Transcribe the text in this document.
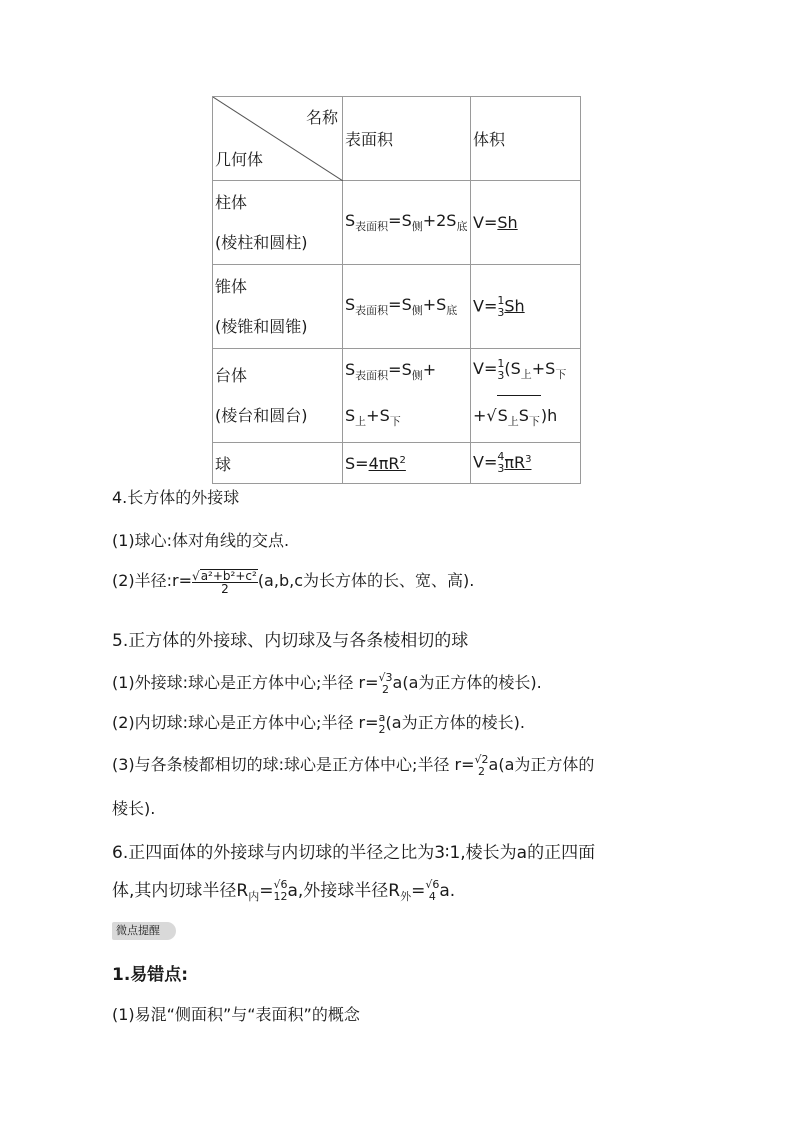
名称
几何体	表面积	体积

柱体
(棱柱和圆柱)	$S_{表面积}=S_侧+2S_底$	V=Sh

锥体
(棱锥和圆锥)	$S_{表面积}=S_侧+S_底$	V= 1
3 Sh

台体
(棱台和圆台)	$S_{表面积}=S_侧+$
$S_上+S_下$	V= 1
3 ($S_上+S_下$
$+√S_上S_下)h$

球	$S=4\pi R^2$	V= 4
3 $\pi R^3$
4.长方体的外接球
(1)球心:体对角线的交点.
(2)半径:r= $\frac{\text{√a²+b²+c²}}{2} (a,b,c$为长方体的长、宽、高).
5.正方体的外接球、内切球及与各条棱相切的球
(1)外接球:球心是正方体中心;半径 r= √3
2 a(a为正方体的棱长).
(2)内切球:球心是正方体中心;半径 r= a
2 (a为正方体的棱长).
(3)与各条棱都相切的球:球心是正方体中心;半径 r= √2
2 a(a为正方体的
棱长).
6.正四面体的外接球与内切球的半径之比为3∶1,棱长为a的正四面
体,其内切球半径$R_内= √6$
12 a,外接球半径$R_外= √6$
4 a.
微点提醒
1.易错点:
(1)易混“侧面积”与“表面积”的概念
